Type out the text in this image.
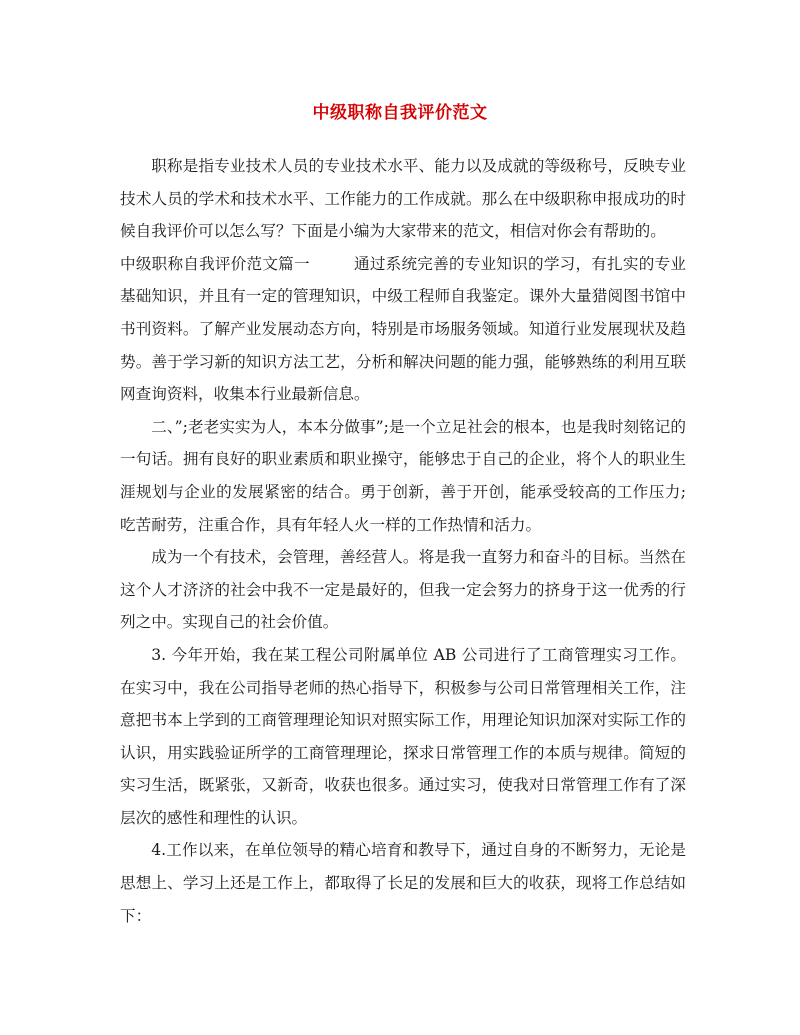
中级职称自我评价范文

职称是指专业技术人员的专业技术水平、能力以及成就的等级称号，反映专业技术人员的学术和技术水平、工作能力的工作成就。那么在中级职称申报成功的时候自我评价可以怎么写？下面是小编为大家带来的范文，相信对你会有帮助的。

中级职称自我评价范文篇一	通过系统完善的专业知识的学习，有扎实的专业基础知识，并且有一定的管理知识，中级工程师自我鉴定。课外大量猎阅图书馆中书刊资料。了解产业发展动态方向，特别是市场服务领域。知道行业发展现状及趋势。善于学习新的知识方法工艺，分析和解决问题的能力强，能够熟练的利用互联网查询资料，收集本行业最新信息。

二、”;老老实实为人，本本分做事”;是一个立足社会的根本，也是我时刻铭记的一句话。拥有良好的职业素质和职业操守，能够忠于自己的企业，将个人的职业生涯规划与企业的发展紧密的结合。勇于创新，善于开创，能承受较高的工作压力;吃苦耐劳，注重合作，具有年轻人火一样的工作热情和活力。

成为一个有技术，会管理，善经营人。将是我一直努力和奋斗的目标。当然在这个人才济济的社会中我不一定是最好的，但我一定会努力的挤身于这一优秀的行列之中。实现自己的社会价值。

3. 今年开始，我在某工程公司附属单位 AB 公司进行了工商管理实习工作。在实习中，我在公司指导老师的热心指导下，积极参与公司日常管理相关工作，注意把书本上学到的工商管理理论知识对照实际工作，用理论知识加深对实际工作的认识，用实践验证所学的工商管理理论，探求日常管理工作的本质与规律。简短的实习生活，既紧张，又新奇，收获也很多。通过实习，使我对日常管理工作有了深层次的感性和理性的认识。

4.工作以来，在单位领导的精心培育和教导下，通过自身的不断努力，无论是思想上、学习上还是工作上，都取得了长足的发展和巨大的收获，现将工作总结如下：
